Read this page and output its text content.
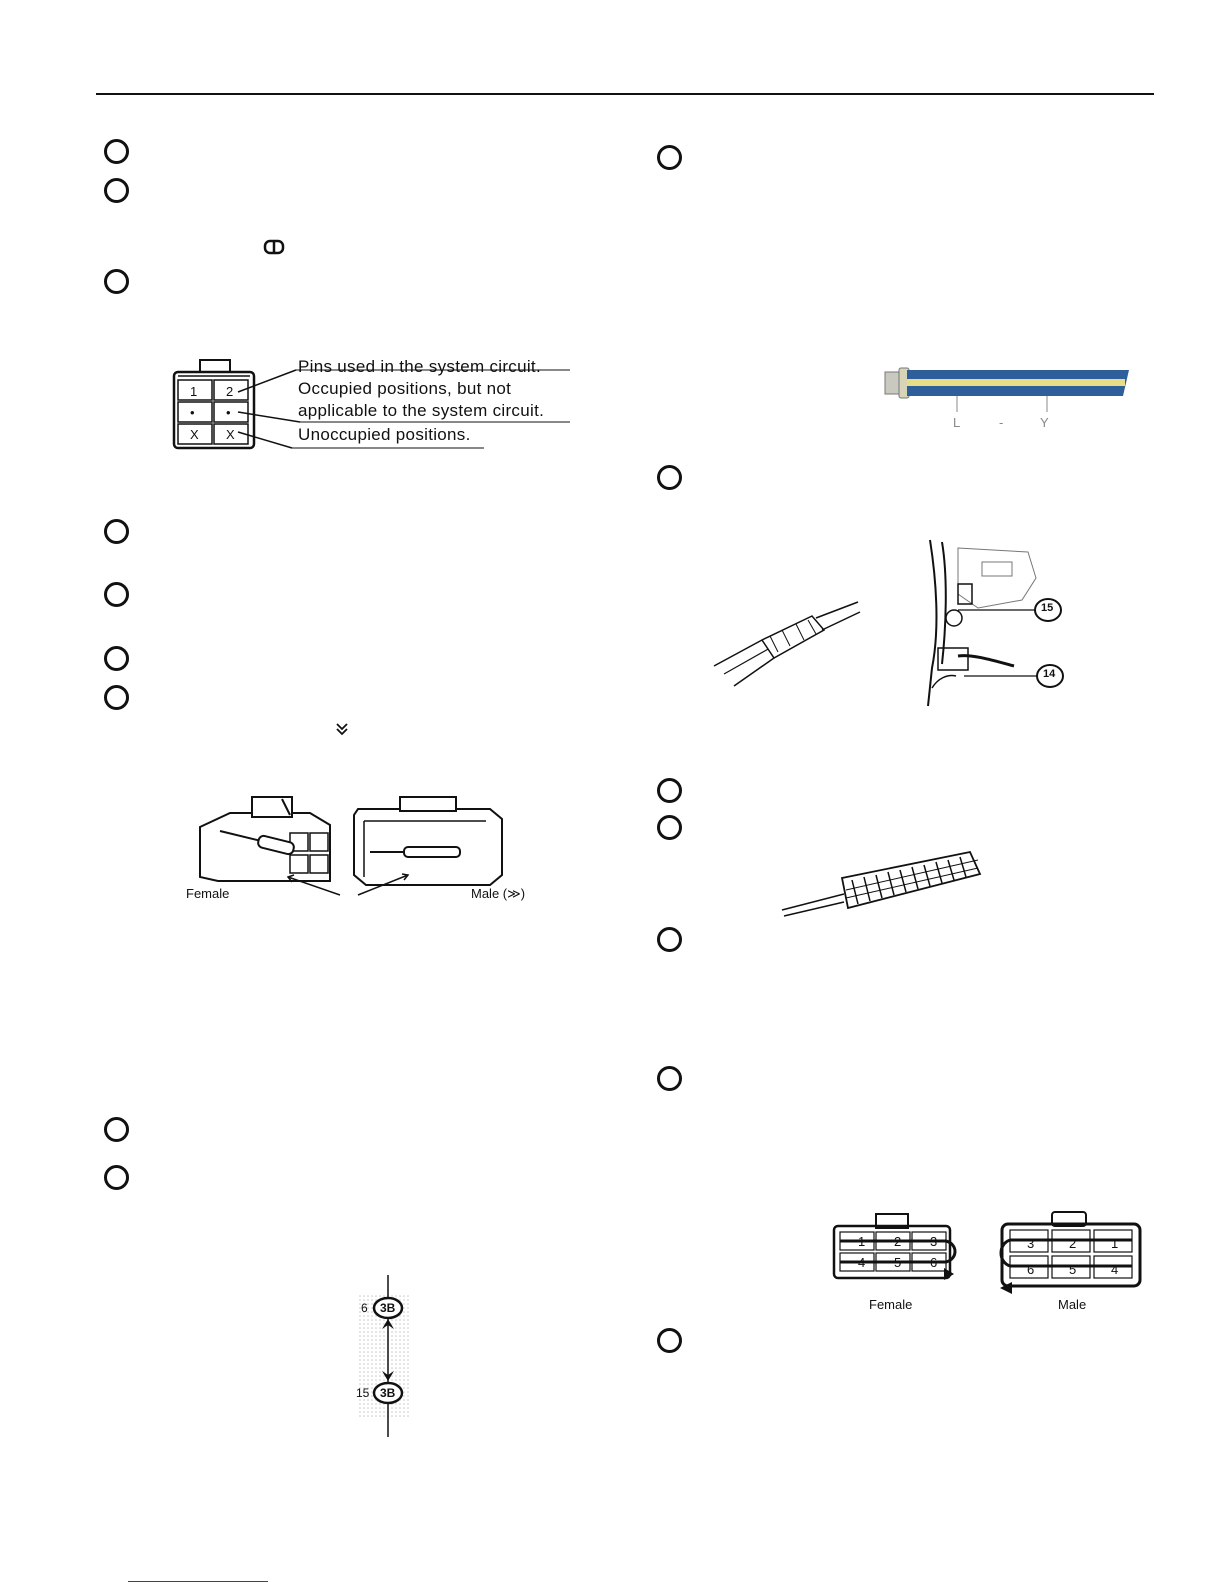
1 2
• •
X X
Pins used in the system circuit.
Occupied positions, but not
applicable to the system circuit.
Unoccupied positions.
Female	Male (≫)
6 3B
15 3B
L	-	Y
15
14
1 2 3
4 5 6
Female
3	2	1
6	5	4
Male
